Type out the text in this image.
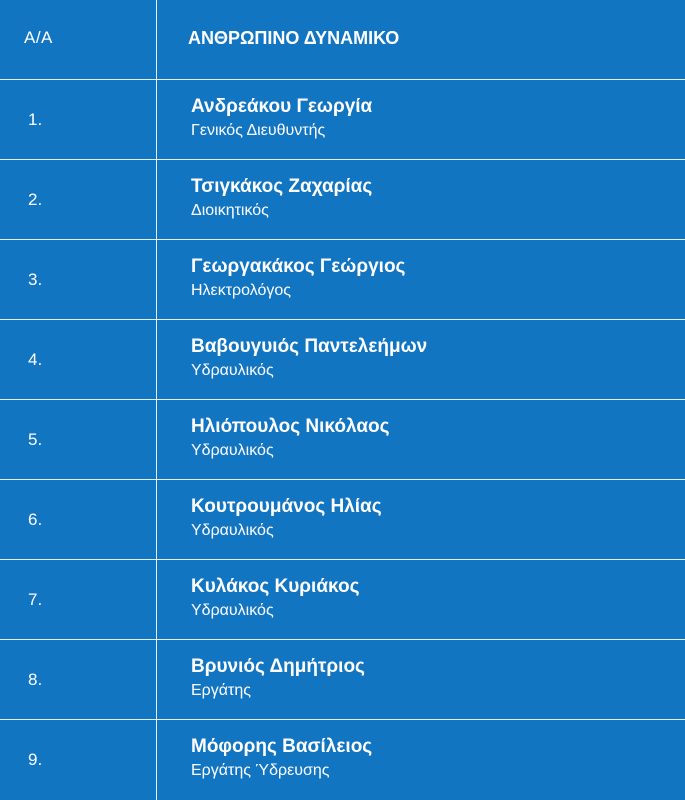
Α/Α	ΑΝΘΡΩΠΙΝΟ ΔΥΝΑΜΙΚΟ
1.
Ανδρεάκου Γεωργία
Γενικός Διευθυντής
2.
Τσιγκάκος Ζαχαρίας
Διοικητικός
3.
Γεωργακάκος Γεώργιος
Ηλεκτρολόγος
4.
Βαβουγυιός Παντελεήμων
Υδραυλικός
5.
Ηλιόπουλος Νικόλαος
Υδραυλικός
6.
Κουτρουμάνος Ηλίας
Υδραυλικός
7.
Κυλάκος Κυριάκος
Υδραυλικός
8.
Βρυνιός Δημήτριος
Εργάτης
9.
Μόφορης Βασίλειος
Εργάτης Ύδρευσης
